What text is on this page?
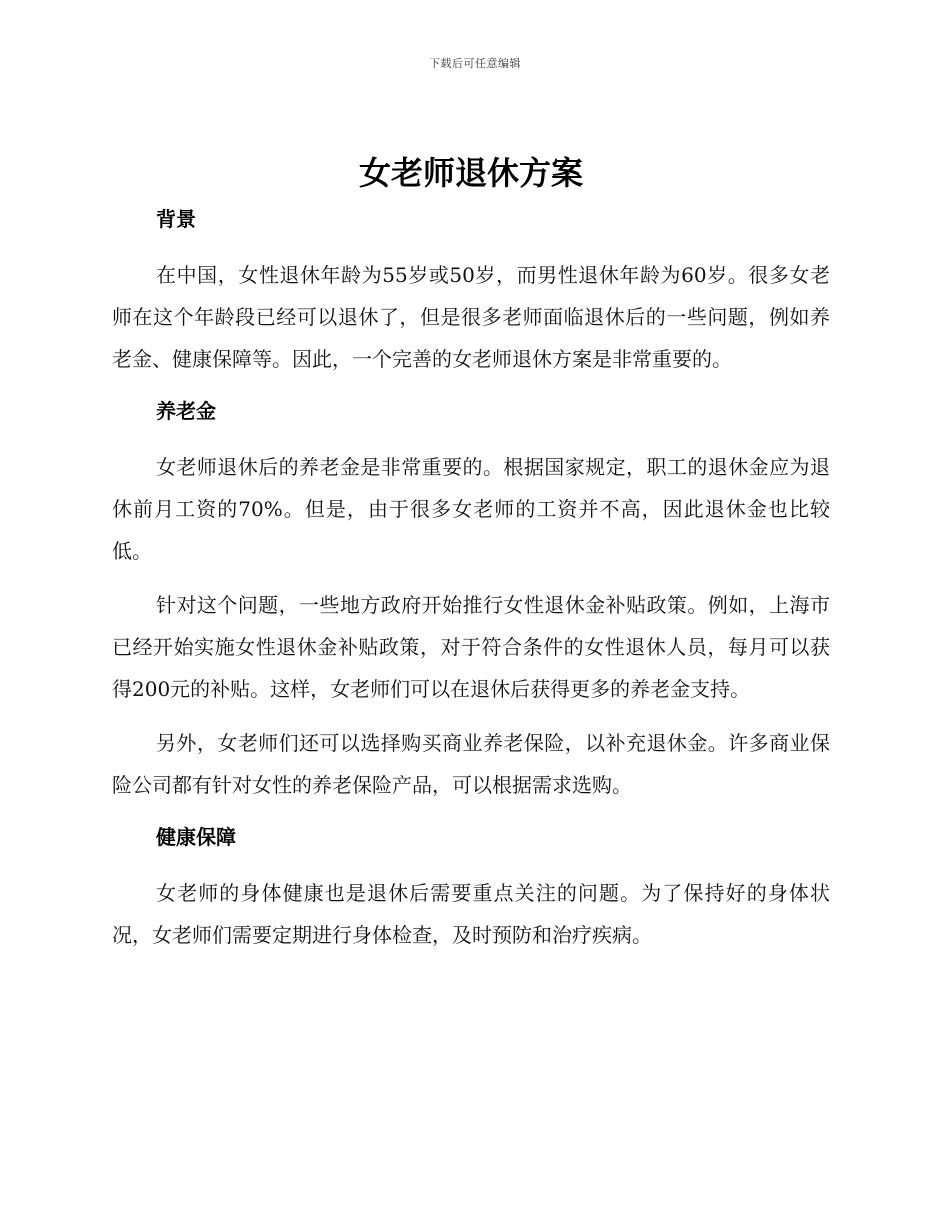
下载后可任意编辑
女老师退休方案
背景

在中国，女性退休年龄为55岁或50岁，而男性退休年龄为60岁。很多女老师在这个年龄段已经可以退休了，但是很多老师面临退休后的一些问题，例如养老金、健康保障等。因此，一个完善的女老师退休方案是非常重要的。

养老金

女老师退休后的养老金是非常重要的。根据国家规定，职工的退休金应为退休前月工资的70%。但是，由于很多女老师的工资并不高，因此退休金也比较低。

针对这个问题，一些地方政府开始推行女性退休金补贴政策。例如，上海市已经开始实施女性退休金补贴政策，对于符合条件的女性退休人员，每月可以获得200元的补贴。这样，女老师们可以在退休后获得更多的养老金支持。

另外，女老师们还可以选择购买商业养老保险，以补充退休金。许多商业保险公司都有针对女性的养老保险产品，可以根据需求选购。

健康保障

女老师的身体健康也是退休后需要重点关注的问题。为了保持好的身体状况，女老师们需要定期进行身体检查，及时预防和治疗疾病。
